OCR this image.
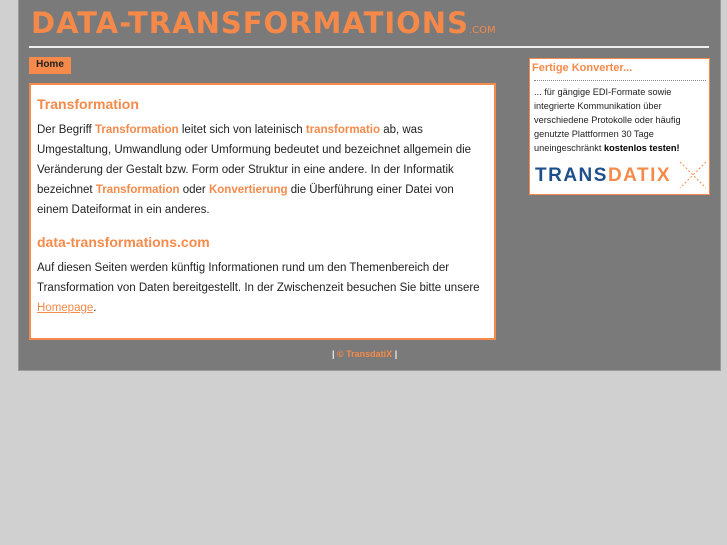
DATA-TRANSFORMATIONS.COM
Home
Transformation

Der Begriff Transformation leitet sich von lateinisch transformatio ab, was Umgestaltung, Umwandlung oder Umformung bedeutet und bezeichnet allgemein die Veränderung der Gestalt bzw. Form oder Struktur in eine andere. In der Informatik bezeichnet Transformation oder Konvertierung die Überführung einer Datei von einem Dateiformat in ein anderes.

data-transformations.com

Auf diesen Seiten werden künftig Informationen rund um den Themenbereich der Transformation von Daten bereitgestellt. In der Zwischenzeit besuchen Sie bitte unsere Homepage.

Fertige Konverter...

... für gängige EDI-Formate sowie integrierte Kommunikation über verschiedene Protokolle oder häufig genutzte Plattformen 30 Tage uneingeschränkt kostenlos testen!

TRANSDATIX
| © TransdatiX |
